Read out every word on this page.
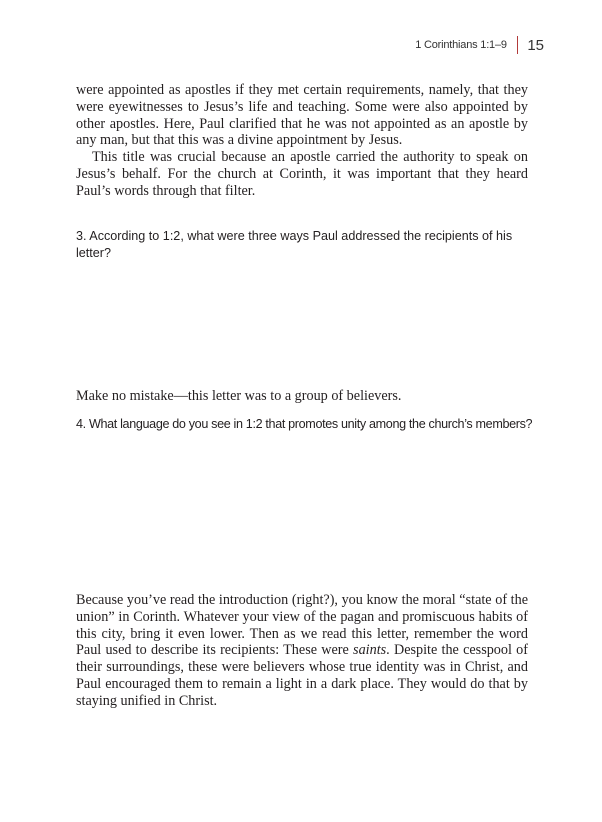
1 Corinthians 1:1–9 15

were appointed as apostles if they met certain requirements, namely, that they were eyewitnesses to Jesus’s life and teaching. Some were also appointed by other apostles. Here, Paul clarified that he was not appointed as an apostle by any man, but that this was a divine appointment by Jesus.

This title was crucial because an apostle carried the authority to speak on Jesus’s behalf. For the church at Corinth, it was important that they heard Paul’s words through that filter.

3. According to 1:2, what were three ways Paul addressed the recipients of his letter?

Make no mistake—this letter was to a group of believers.

4. What language do you see in 1:2 that promotes unity among the church’s members?

Because you’ve read the introduction (right?), you know the moral “state of the union” in Corinth. Whatever your view of the pagan and promiscuous habits of this city, bring it even lower. Then as we read this letter, remember the word Paul used to describe its recipients: These were saints. Despite the cesspool of their surroundings, these were believers whose true identity was in Christ, and Paul encouraged them to remain a light in a dark place. They would do that by staying unified in Christ.
